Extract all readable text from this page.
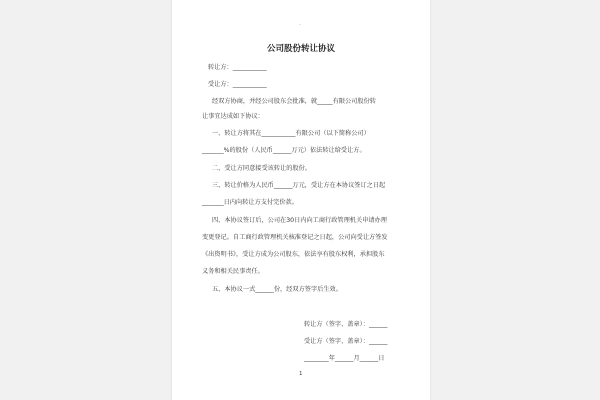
·
公司股份转让协议
转让方：___________
受让方：___________
经双方协商，并经公司股东会批准，就_____有限公司股份转
让事宜达成如下协议：
一、转让方将其在___________有限公司（以下简称公司）
_______%的股份（人民币______万元）依法转让给受让方。
二、受让方同意接受该转让的股份。
三、转让价格为人民币______万元，受让方在本协议签订之日起
_______日内向转让方支付完价款。
四、本协议签订后，公司在30日内向工商行政管理机关申请办理
变更登记。自工商行政管理机关核准登记之日起，公司向受让方签发
《出资明书》，受让方成为公司股东，依法享有股东权利，承担股东
义务和相关民事责任。
五、本协议一式______份，经双方签字后生效。
转让方（签字、盖章）：______
受让方（签字、盖章）：______
________年______月______日
1
